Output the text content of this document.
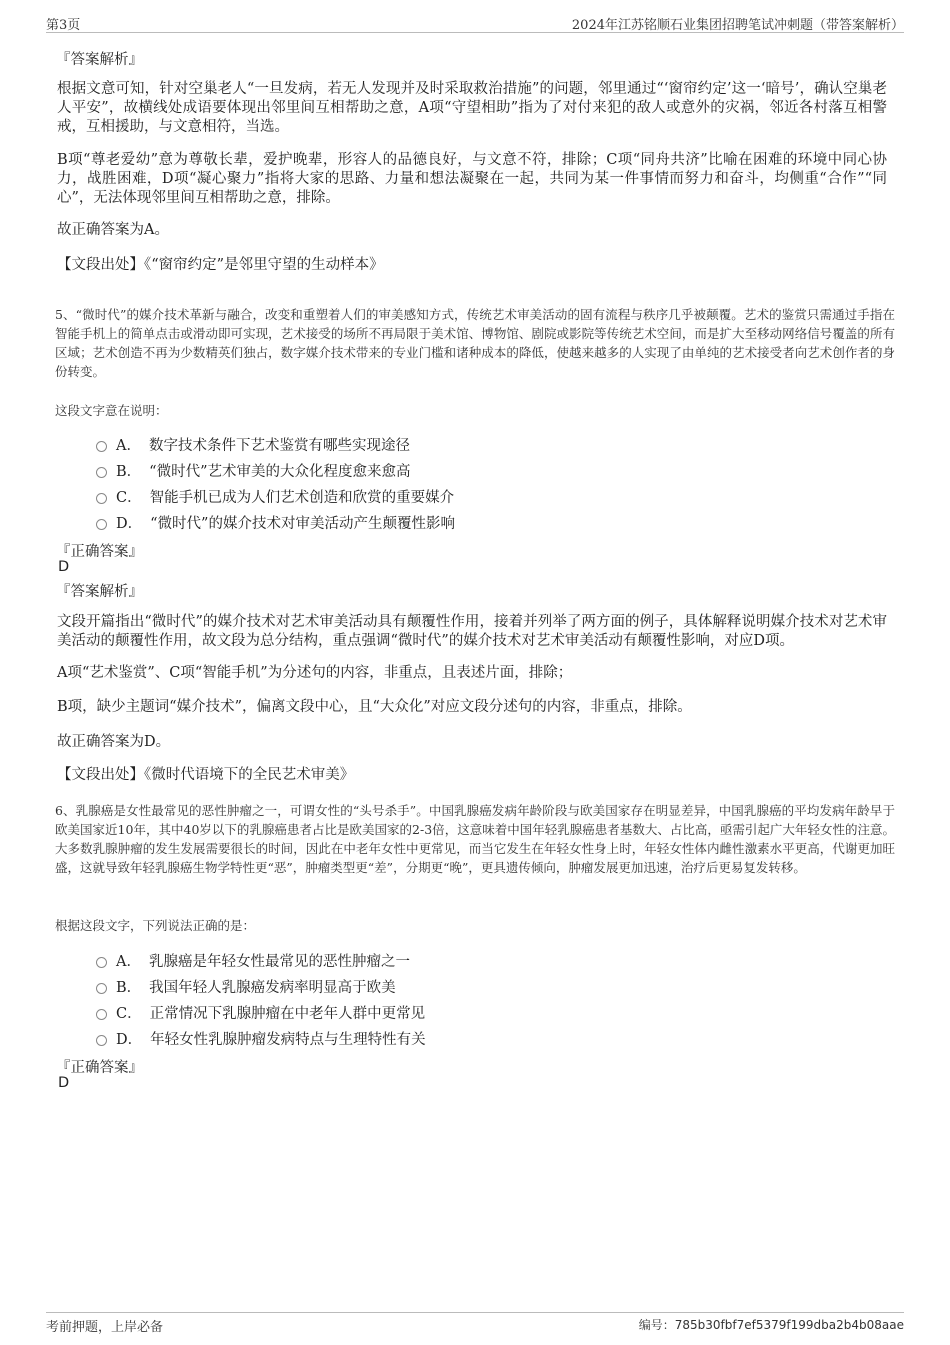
第3页	2024年江苏铭顺石业集团招聘笔试冲刺题（带答案解析）
『答案解析』
根据文意可知，针对空巢老人“一旦发病，若无人发现并及时采取救治措施”的问题，邻里通过“‘窗帘约定’这一‘暗号’，确认空巢老人平安”，故横线处成语要体现出邻里间互相帮助之意，A项“守望相助”指为了对付来犯的敌人或意外的灾祸，邻近各村落互相警戒，互相援助，与文意相符，当选。
B项“尊老爱幼”意为尊敬长辈，爱护晚辈，形容人的品德良好，与文意不符，排除；C项“同舟共济”比喻在困难的环境中同心协力，战胜困难，D项“凝心聚力”指将大家的思路、力量和想法凝聚在一起，共同为某一件事情而努力和奋斗，均侧重“合作”“同心”，无法体现邻里间互相帮助之意，排除。
故正确答案为A。
【文段出处】《“窗帘约定”是邻里守望的生动样本》
5、“微时代”的媒介技术革新与融合，改变和重塑着人们的审美感知方式，传统艺术审美活动的固有流程与秩序几乎被颠覆。艺术的鉴赏只需通过手指在智能手机上的简单点击或滑动即可实现，艺术接受的场所不再局限于美术馆、博物馆、剧院或影院等传统艺术空间，而是扩大至移动网络信号覆盖的所有区域；艺术创造不再为少数精英们独占，数字媒介技术带来的专业门槛和诸种成本的降低，使越来越多的人实现了由单纯的艺术接受者向艺术创作者的身份转变。
这段文字意在说明：
A． 数字技术条件下艺术鉴赏有哪些实现途径
B． “微时代”艺术审美的大众化程度愈来愈高
C． 智能手机已成为人们艺术创造和欣赏的重要媒介
D． “微时代”的媒介技术对审美活动产生颠覆性影响
『正确答案』
D
『答案解析』
文段开篇指出“微时代”的媒介技术对艺术审美活动具有颠覆性作用，接着并列举了两方面的例子，具体解释说明媒介技术对艺术审美活动的颠覆性作用，故文段为总分结构，重点强调“微时代”的媒介技术对艺术审美活动有颠覆性影响，对应D项。
A项“艺术鉴赏”、C项“智能手机”为分述句的内容，非重点，且表述片面，排除；
B项，缺少主题词“媒介技术”，偏离文段中心，且“大众化”对应文段分述句的内容，非重点，排除。
故正确答案为D。
【文段出处】《微时代语境下的全民艺术审美》
6、乳腺癌是女性最常见的恶性肿瘤之一，可谓女性的“头号杀手”。中国乳腺癌发病年龄阶段与欧美国家存在明显差异，中国乳腺癌的平均发病年龄早于欧美国家近10年，其中40岁以下的乳腺癌患者占比是欧美国家的2-3倍，这意味着中国年轻乳腺癌患者基数大、占比高，亟需引起广大年轻女性的注意。大多数乳腺肿瘤的发生发展需要很长的时间，因此在中老年女性中更常见，而当它发生在年轻女性身上时，年轻女性体内雌性激素水平更高，代谢更加旺盛，这就导致年轻乳腺癌生物学特性更“恶”，肿瘤类型更“差”，分期更“晚”，更具遗传倾向，肿瘤发展更加迅速，治疗后更易复发转移。
根据这段文字，下列说法正确的是：
A． 乳腺癌是年轻女性最常见的恶性肿瘤之一
B． 我国年轻人乳腺癌发病率明显高于欧美
C． 正常情况下乳腺肿瘤在中老年人群中更常见
D． 年轻女性乳腺肿瘤发病特点与生理特性有关
『正确答案』
D
考前押题，上岸必备	编号：785b30fbf7ef5379f199dba2b4b08aae
